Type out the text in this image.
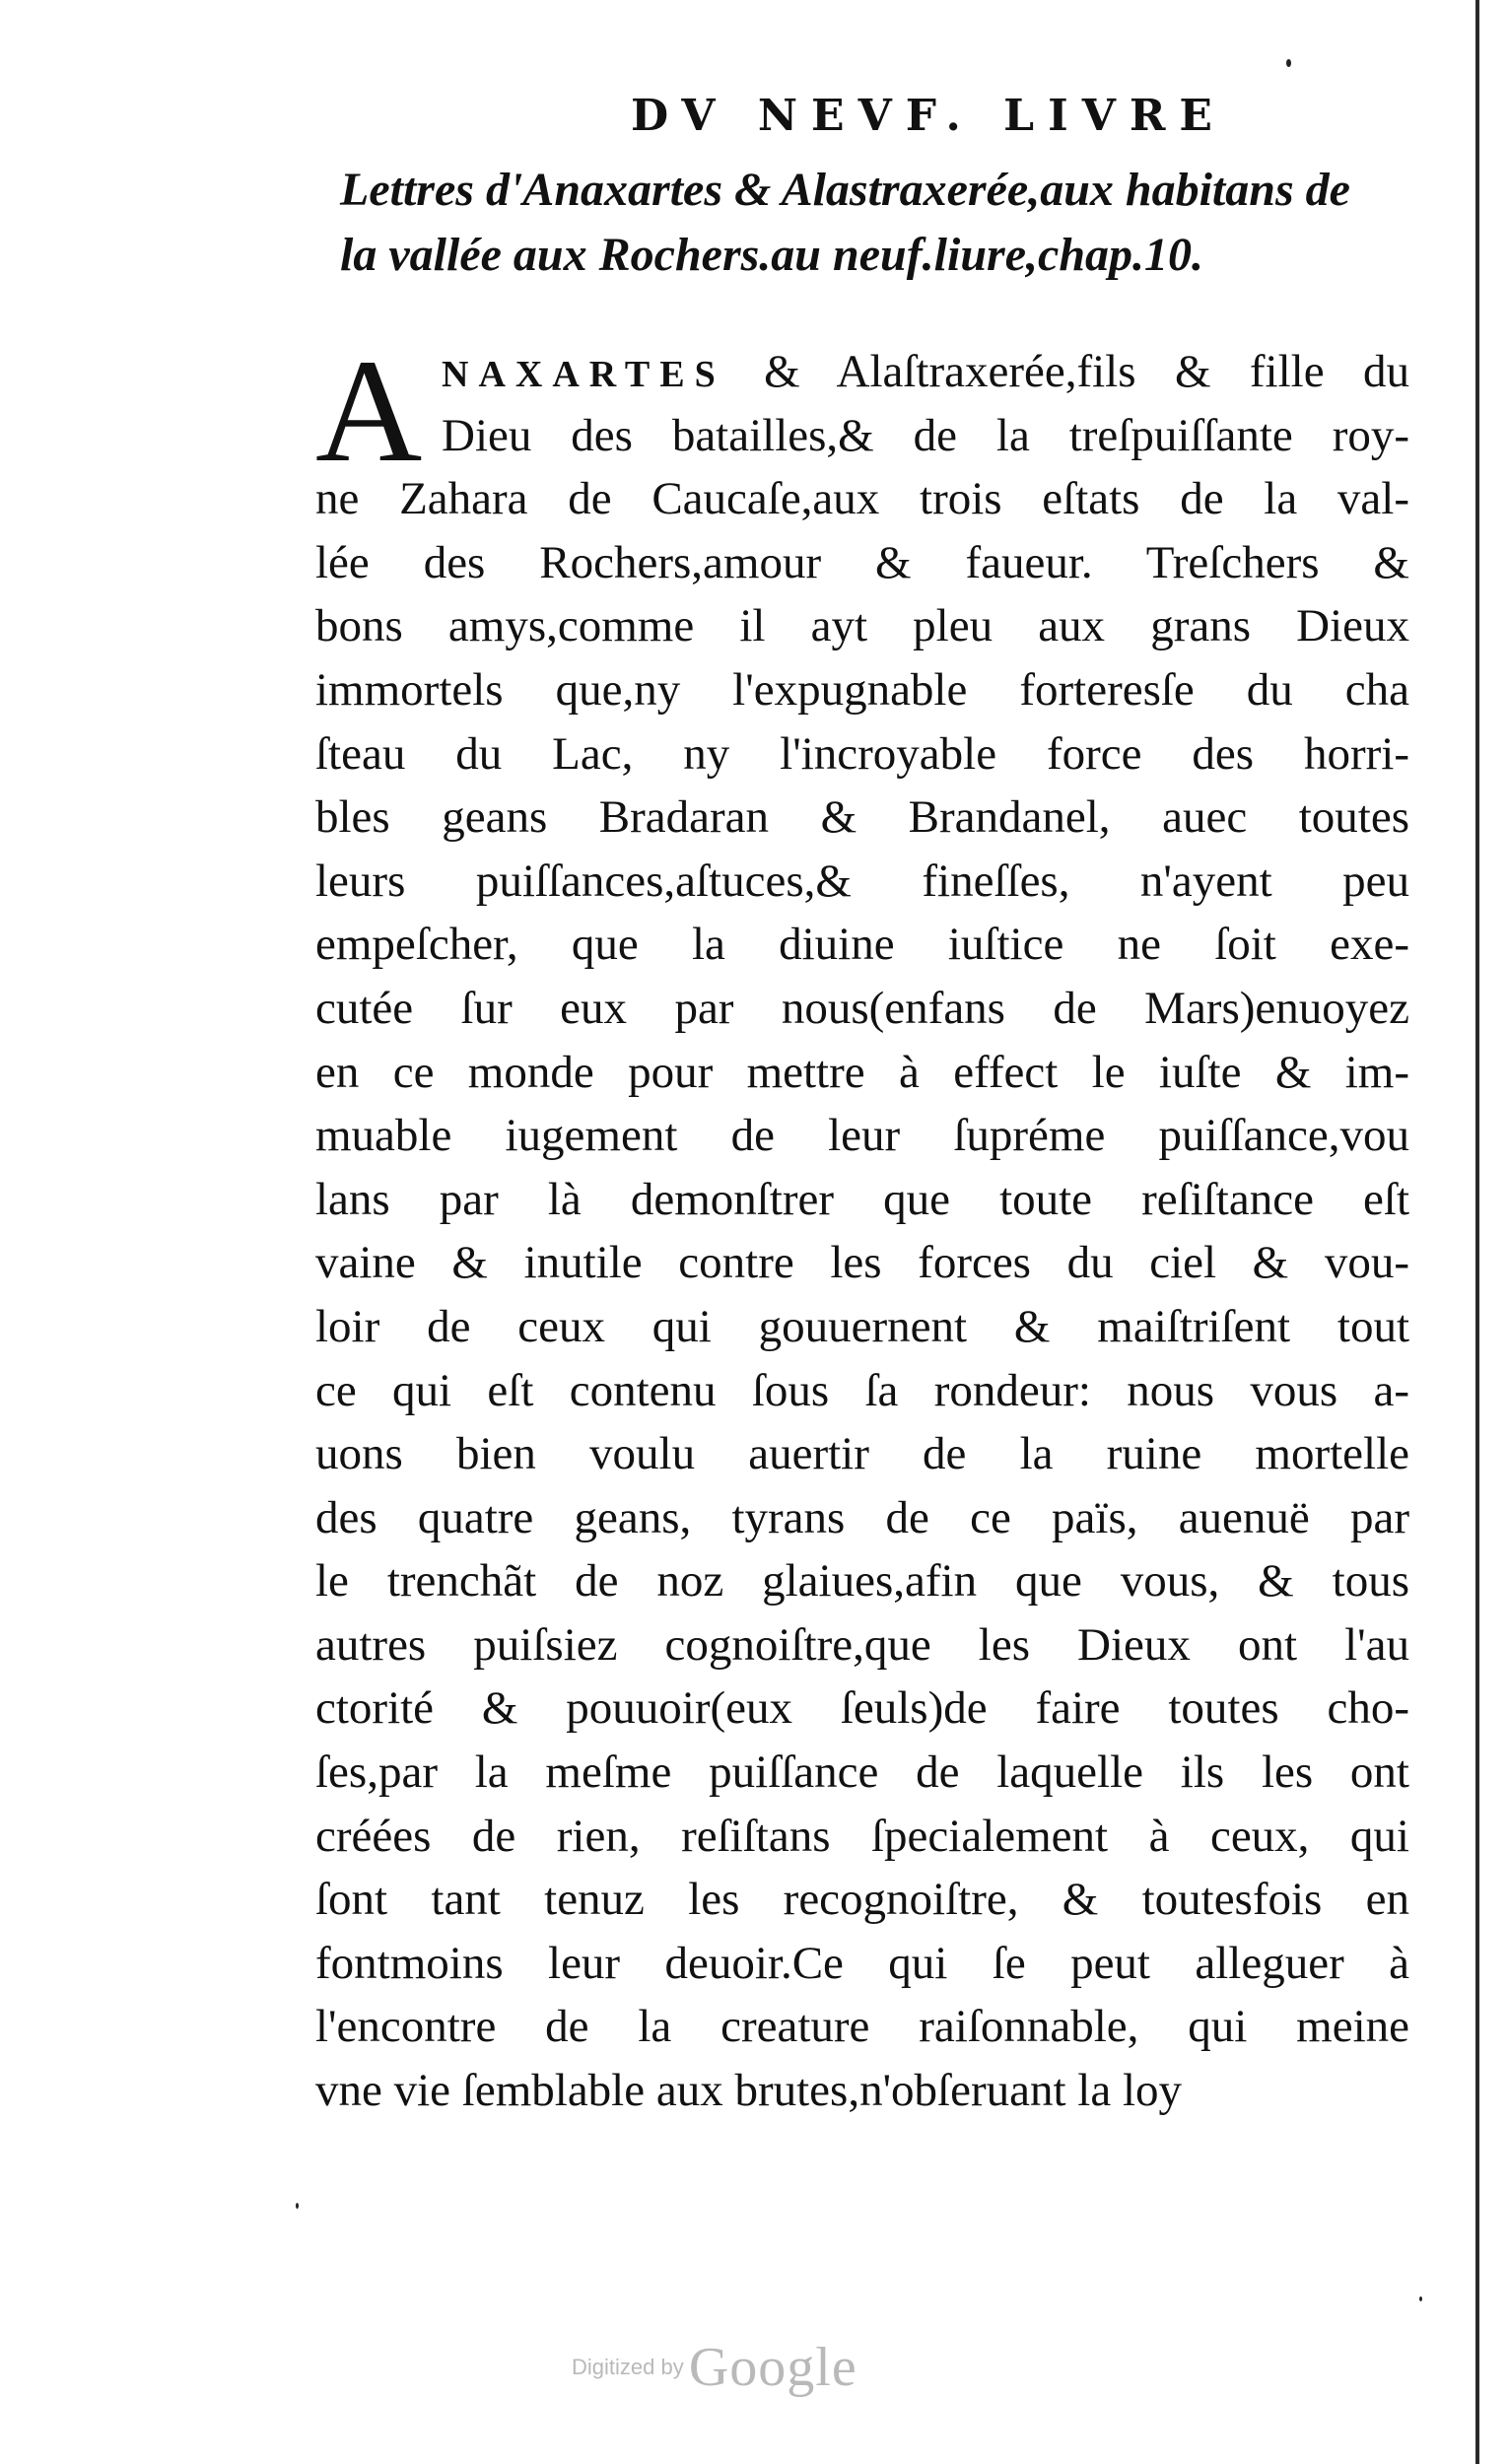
DV NEVF. LIVRE
Lettres d'Anaxartes & Alastraxerée,aux habitans de
la vallée aux Rochers.au neuf.liure,chap.10.
A NAXARTES & Alaſtraxerée,fils & fille du
Dieu des batailles,& de la treſpuiſſante roy-
ne Zahara de Caucaſe,aux trois eſtats de la val-
lée des Rochers,amour & faueur. Treſchers &
bons amys,comme il ayt pleu aux grans Dieux
immortels que,ny l'expugnable forteresſe du cha
ſteau du Lac, ny l'incroyable force des horri-
bles geans Bradaran & Brandanel, auec toutes
leurs puiſſances,aſtuces,& fineſſes, n'ayent peu
empeſcher, que la diuine iuſtice ne ſoit exe-
cutée ſur eux par nous(enfans de Mars)enuoyez
en ce monde pour mettre à effect le iuſte & im-
muable iugement de leur ſupréme puiſſance,vou
lans par là demonſtrer que toute reſiſtance eſt
vaine & inutile contre les forces du ciel & vou-
loir de ceux qui gouuernent & maiſtriſent tout
ce qui eſt contenu ſous ſa rondeur: nous vous a-
uons bien voulu auertir de la ruine mortelle
des quatre geans, tyrans de ce païs, auenuë par
le trenchãt de noz glaiues,afin que vous, & tous
autres puiſsiez cognoiſtre,que les Dieux ont l'au
ctorité & pouuoir(eux ſeuls)de faire toutes cho-
ſes,par la meſme puiſſance de laquelle ils les ont
créées de rien, reſiſtans ſpecialement à ceux, qui
ſont tant tenuz les recognoiſtre, & toutesfois en
fontmoins leur deuoir.Ce qui ſe peut alleguer à
l'encontre de la creature raiſonnable, qui meine
vne vie ſemblable aux brutes,n'obſeruant la loy
Digitized by Google
